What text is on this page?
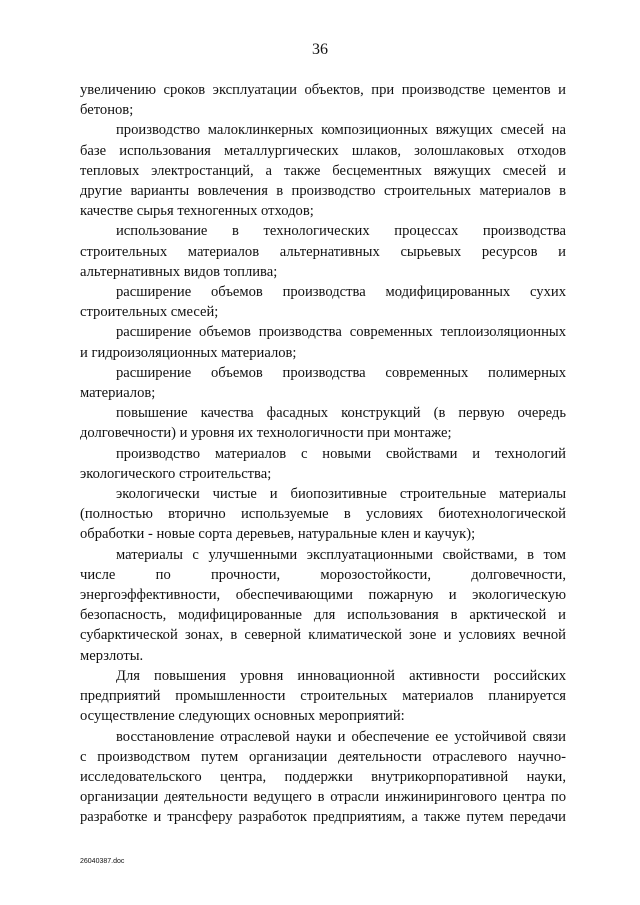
36
увеличению сроков эксплуатации объектов, при производстве цементов и
бетонов;
производство малоклинкерных композиционных вяжущих смесей на
базе использования металлургических шлаков, золошлаковых отходов
тепловых электростанций, а также бесцементных вяжущих смесей и
другие варианты вовлечения в производство строительных материалов в
качестве сырья техногенных отходов;
использование в технологических процессах производства
строительных материалов альтернативных сырьевых ресурсов и
альтернативных видов топлива;
расширение объемов производства модифицированных сухих
строительных смесей;
расширение объемов производства современных теплоизоляционных
и гидроизоляционных материалов;
расширение объемов производства современных полимерных
материалов;
повышение качества фасадных конструкций (в первую очередь
долговечности) и уровня их технологичности при монтаже;
производство материалов с новыми свойствами и технологий
экологического строительства;
экологически чистые и биопозитивные строительные материалы
(полностью вторично используемые в условиях биотехнологической
обработки - новые сорта деревьев, натуральные клен и каучук);
материалы с улучшенными эксплуатационными свойствами, в том
числе по прочности, морозостойкости, долговечности,
энергоэффективности, обеспечивающими пожарную и экологическую
безопасность, модифицированные для использования в арктической и
субарктической зонах, в северной климатической зоне и условиях вечной
мерзлоты.
Для повышения уровня инновационной активности российских
предприятий промышленности строительных материалов планируется
осуществление следующих основных мероприятий:
восстановление отраслевой науки и обеспечение ее устойчивой связи
с производством путем организации деятельности отраслевого научно-
исследовательского центра, поддержки внутрикорпоративной науки,
организации деятельности ведущего в отрасли инжинирингового центра по
разработке и трансферу разработок предприятиям, а также путем передачи
26040387.doc
